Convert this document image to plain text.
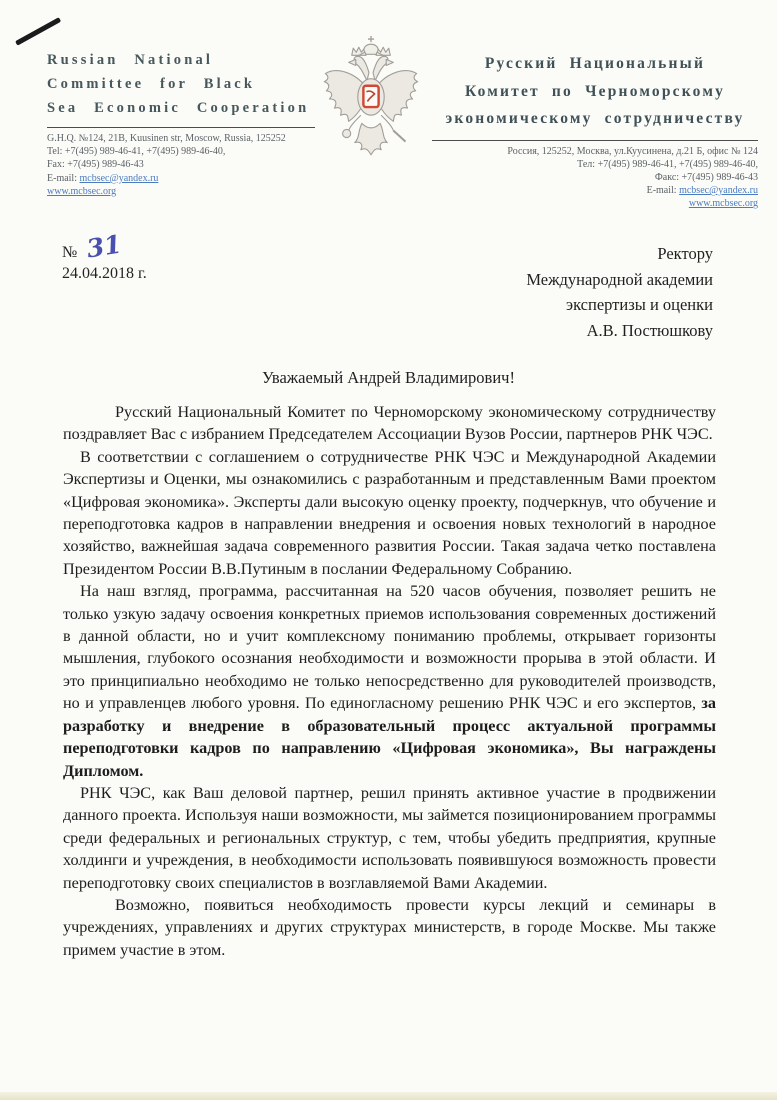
Russian National
Committee for Black
Sea Economic Cooperation
G.H.Q. №124, 21B, Kuusinen str, Moscow, Russia, 125252
Tel: +7(495) 989-46-41, +7(495) 989-46-40,
Fax: +7(495) 989-46-43
E-mail: mcbsec@yandex.ru
www.mcbsec.org
Русский Национальный
Комитет по Черноморскому
экономическому сотрудничеству
Россия, 125252, Москва, ул.Куусинена, д.21 Б, офис № 124
Тел: +7(495) 989-46-41, +7(495) 989-46-40,
Факс: +7(495) 989-46-43
E-mail: mcbsec@yandex.ru
www.mcbsec.org
№ 31
24.04.2018 г.
Ректору
Международной академии
экспертизы и оценки
А.В. Постюшкову
Уважаемый Андрей Владимирович!

Русский Национальный Комитет по Черноморскому экономическому сотрудничеству поздравляет Вас с избранием Председателем Ассоциации Вузов России, партнеров РНК ЧЭС.

В соответствии с соглашением о сотрудничестве РНК ЧЭС и Международной Академии Экспертизы и Оценки, мы ознакомились с разработанным и представленным Вами проектом «Цифровая экономика». Эксперты дали высокую оценку проекту, подчеркнув, что обучение и переподготовка кадров в направлении внедрения и освоения новых технологий в народное хозяйство, важнейшая задача современного развития России. Такая задача четко поставлена Президентом России В.В.Путиным в послании Федеральному Собранию.

На наш взгляд, программа, рассчитанная на 520 часов обучения, позволяет решить не только узкую задачу освоения конкретных приемов использования современных достижений в данной области, но и учит комплексному пониманию проблемы, открывает горизонты мышления, глубокого осознания необходимости и возможности прорыва в этой области. И это принципиально необходимо не только непосредственно для руководителей производств, но и управленцев любого уровня. По единогласному решению РНК ЧЭС и его экспертов, за разработку и внедрение в образовательный процесс актуальной программы переподготовки кадров по направлению «Цифровая экономика», Вы награждены Дипломом.

РНК ЧЭС, как Ваш деловой партнер, решил принять активное участие в продвижении данного проекта. Используя наши возможности, мы займется позиционированием программы среди федеральных и региональных структур, с тем, чтобы убедить предприятия, крупные холдинги и учреждения, в необходимости использовать появившуюся возможность провести переподготовку своих специалистов в возглавляемой Вами Академии.

Возможно, появиться необходимость провести курсы лекций и семинары в учреждениях, управлениях и других структурах министерств, в городе Москве. Мы также примем участие в этом.
